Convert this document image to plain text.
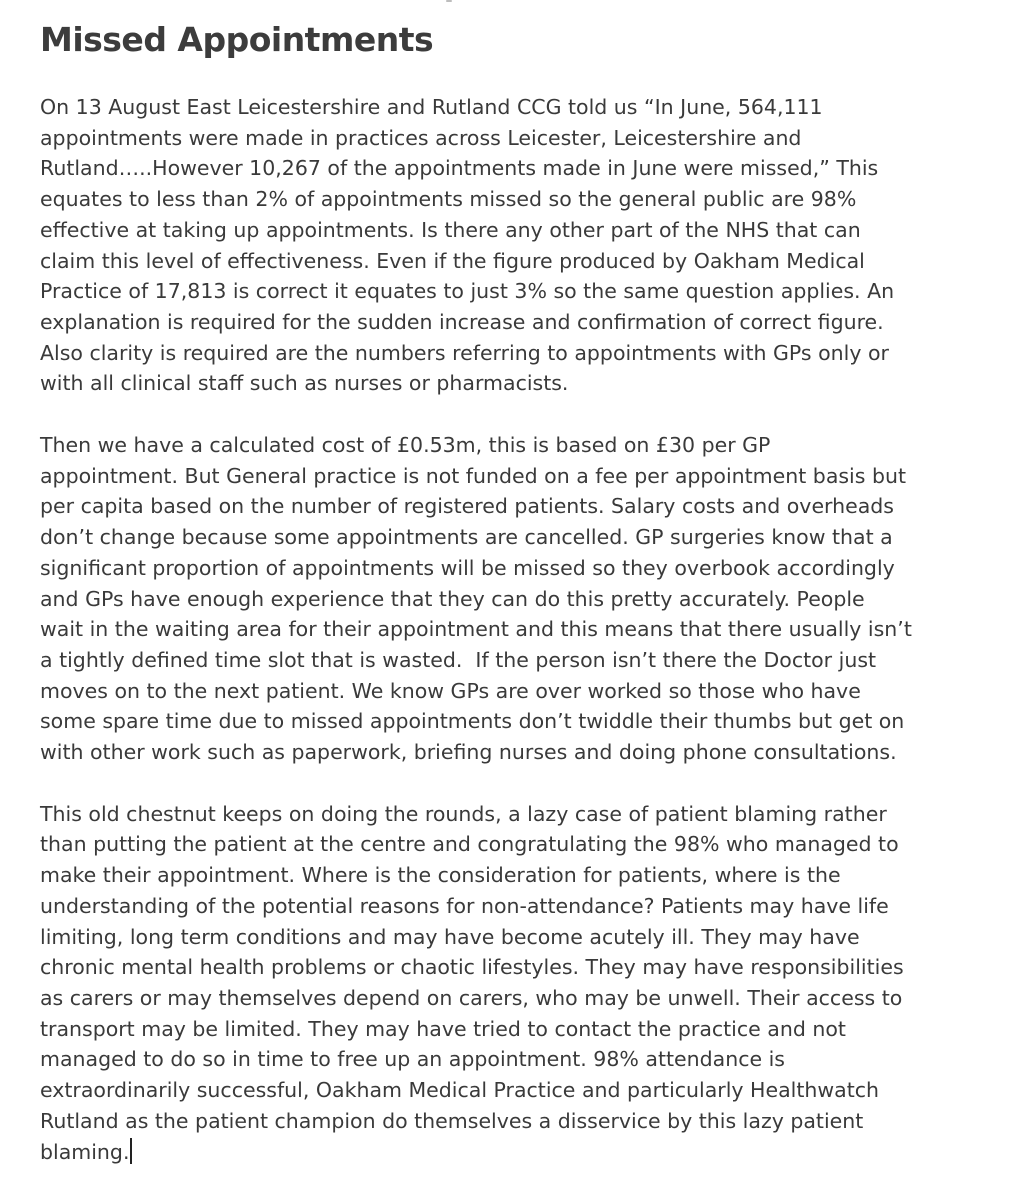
Missed Appointments

On 13 August East Leicestershire and Rutland CCG told us “In June, 564,111
appointments were made in practices across Leicester, Leicestershire and
Rutland…..However 10,267 of the appointments made in June were missed,” This
equates to less than 2% of appointments missed so the general public are 98%
effective at taking up appointments. Is there any other part of the NHS that can
claim this level of effectiveness. Even if the figure produced by Oakham Medical
Practice of 17,813 is correct it equates to just 3% so the same question applies. An
explanation is required for the sudden increase and confirmation of correct figure.
Also clarity is required are the numbers referring to appointments with GPs only or
with all clinical staff such as nurses or pharmacists.

Then we have a calculated cost of £0.53m, this is based on £30 per GP
appointment. But General practice is not funded on a fee per appointment basis but
per capita based on the number of registered patients. Salary costs and overheads
don’t change because some appointments are cancelled. GP surgeries know that a
significant proportion of appointments will be missed so they overbook accordingly
and GPs have enough experience that they can do this pretty accurately. People
wait in the waiting area for their appointment and this means that there usually isn’t
a tightly defined time slot that is wasted.  If the person isn’t there the Doctor just
moves on to the next patient. We know GPs are over worked so those who have
some spare time due to missed appointments don’t twiddle their thumbs but get on
with other work such as paperwork, briefing nurses and doing phone consultations.

This old chestnut keeps on doing the rounds, a lazy case of patient blaming rather
than putting the patient at the centre and congratulating the 98% who managed to
make their appointment. Where is the consideration for patients, where is the
understanding of the potential reasons for non-attendance? Patients may have life
limiting, long term conditions and may have become acutely ill. They may have
chronic mental health problems or chaotic lifestyles. They may have responsibilities
as carers or may themselves depend on carers, who may be unwell. Their access to
transport may be limited. They may have tried to contact the practice and not
managed to do so in time to free up an appointment. 98% attendance is
extraordinarily successful, Oakham Medical Practice and particularly Healthwatch
Rutland as the patient champion do themselves a disservice by this lazy patient
blaming.
